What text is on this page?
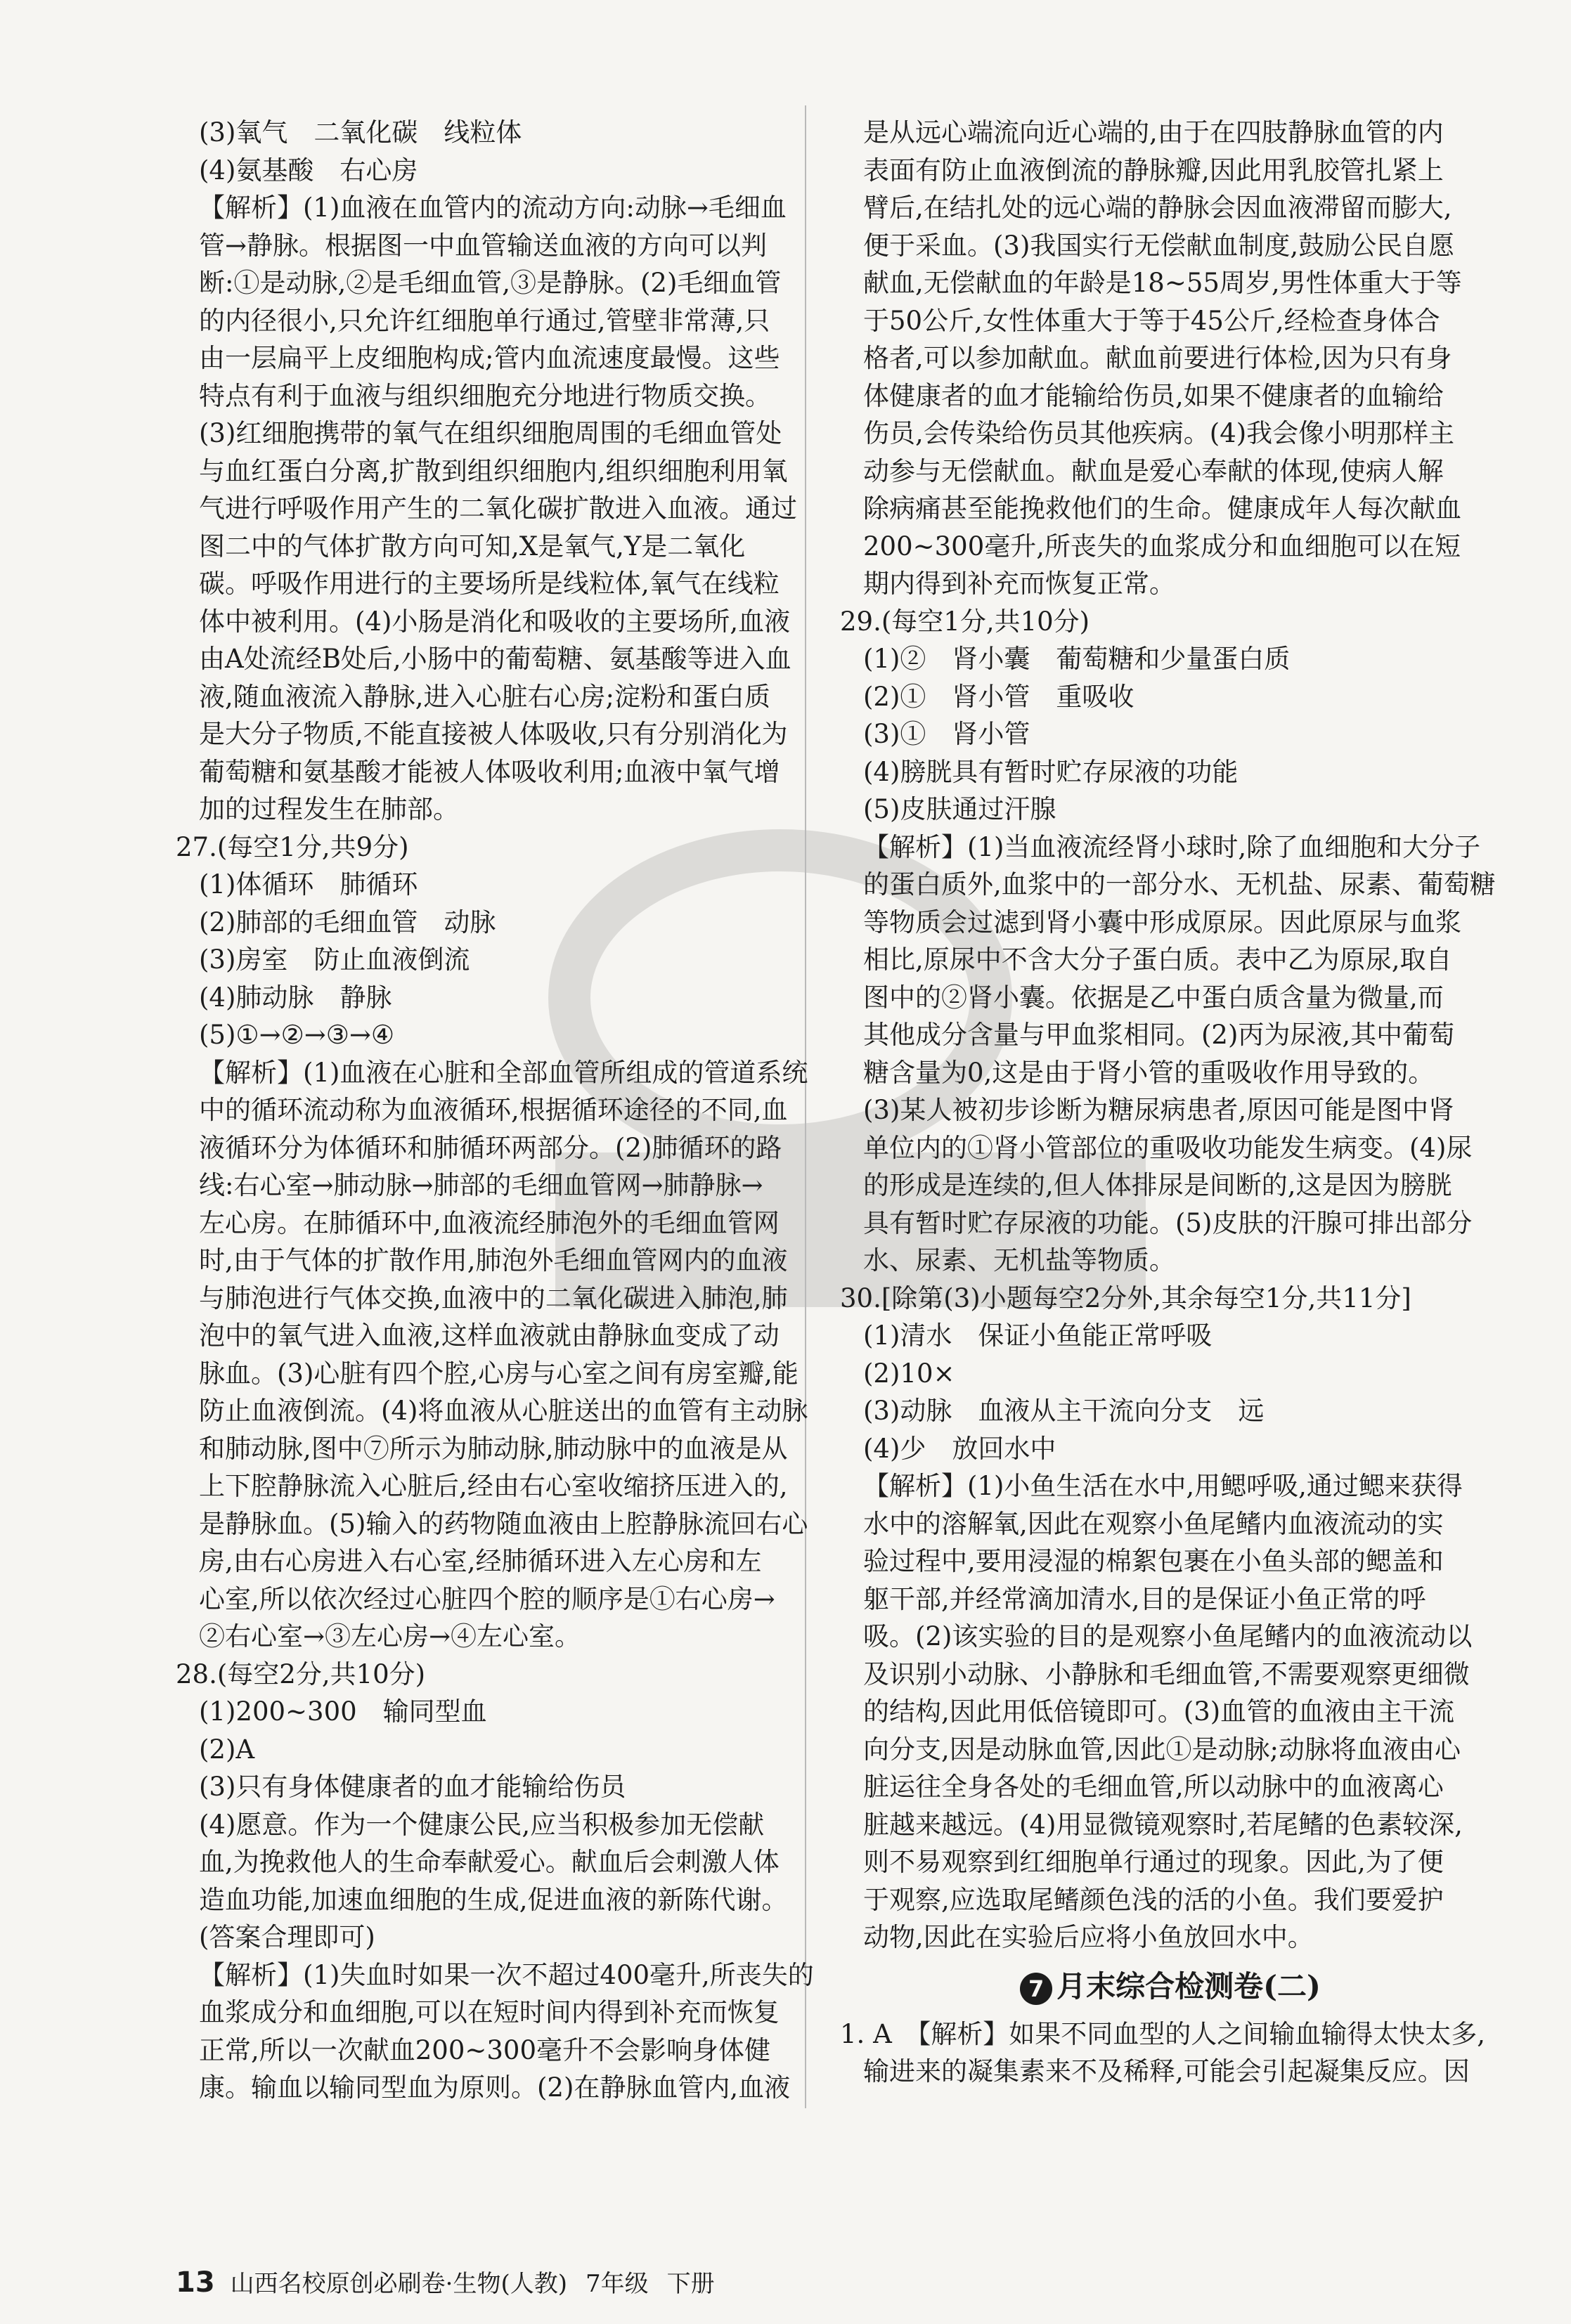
(3)氧气　二氧化碳　线粒体
(4)氨基酸　右心房
【解析】(1)血液在血管内的流动方向:动脉→毛细血
管→静脉。根据图一中血管输送血液的方向可以判
断:①是动脉,②是毛细血管,③是静脉。(2)毛细血管
的内径很小,只允许红细胞单行通过,管壁非常薄,只
由一层扁平上皮细胞构成;管内血流速度最慢。这些
特点有利于血液与组织细胞充分地进行物质交换。
(3)红细胞携带的氧气在组织细胞周围的毛细血管处
与血红蛋白分离,扩散到组织细胞内,组织细胞利用氧
气进行呼吸作用产生的二氧化碳扩散进入血液。通过
图二中的气体扩散方向可知,X是氧气,Y是二氧化
碳。呼吸作用进行的主要场所是线粒体,氧气在线粒
体中被利用。(4)小肠是消化和吸收的主要场所,血液
由A处流经B处后,小肠中的葡萄糖、氨基酸等进入血
液,随血液流入静脉,进入心脏右心房;淀粉和蛋白质
是大分子物质,不能直接被人体吸收,只有分别消化为
葡萄糖和氨基酸才能被人体吸收利用;血液中氧气增
加的过程发生在肺部。
27.(每空1分,共9分)
(1)体循环　肺循环
(2)肺部的毛细血管　动脉
(3)房室　防止血液倒流
(4)肺动脉　静脉
(5)①→②→③→④
【解析】(1)血液在心脏和全部血管所组成的管道系统
中的循环流动称为血液循环,根据循环途径的不同,血
液循环分为体循环和肺循环两部分。(2)肺循环的路
线:右心室→肺动脉→肺部的毛细血管网→肺静脉→
左心房。在肺循环中,血液流经肺泡外的毛细血管网
时,由于气体的扩散作用,肺泡外毛细血管网内的血液
与肺泡进行气体交换,血液中的二氧化碳进入肺泡,肺
泡中的氧气进入血液,这样血液就由静脉血变成了动
脉血。(3)心脏有四个腔,心房与心室之间有房室瓣,能
防止血液倒流。(4)将血液从心脏送出的血管有主动脉
和肺动脉,图中⑦所示为肺动脉,肺动脉中的血液是从
上下腔静脉流入心脏后,经由右心室收缩挤压进入的,
是静脉血。(5)输入的药物随血液由上腔静脉流回右心
房,由右心房进入右心室,经肺循环进入左心房和左
心室,所以依次经过心脏四个腔的顺序是①右心房→
②右心室→③左心房→④左心室。
28.(每空2分,共10分)
(1)200~300　输同型血
(2)A
(3)只有身体健康者的血才能输给伤员
(4)愿意。作为一个健康公民,应当积极参加无偿献
血,为挽救他人的生命奉献爱心。献血后会刺激人体
造血功能,加速血细胞的生成,促进血液的新陈代谢。
(答案合理即可)
【解析】(1)失血时如果一次不超过400毫升,所丧失的
血浆成分和血细胞,可以在短时间内得到补充而恢复
正常,所以一次献血200~300毫升不会影响身体健
康。输血以输同型血为原则。(2)在静脉血管内,血液
是从远心端流向近心端的,由于在四肢静脉血管的内
表面有防止血液倒流的静脉瓣,因此用乳胶管扎紧上
臂后,在结扎处的远心端的静脉会因血液滞留而膨大,
便于采血。(3)我国实行无偿献血制度,鼓励公民自愿
献血,无偿献血的年龄是18~55周岁,男性体重大于等
于50公斤,女性体重大于等于45公斤,经检查身体合
格者,可以参加献血。献血前要进行体检,因为只有身
体健康者的血才能输给伤员,如果不健康者的血输给
伤员,会传染给伤员其他疾病。(4)我会像小明那样主
动参与无偿献血。献血是爱心奉献的体现,使病人解
除病痛甚至能挽救他们的生命。健康成年人每次献血
200~300毫升,所丧失的血浆成分和血细胞可以在短
期内得到补充而恢复正常。
29.(每空1分,共10分)
(1)②　肾小囊　葡萄糖和少量蛋白质
(2)①　肾小管　重吸收
(3)①　肾小管
(4)膀胱具有暂时贮存尿液的功能
(5)皮肤通过汗腺
【解析】(1)当血液流经肾小球时,除了血细胞和大分子
的蛋白质外,血浆中的一部分水、无机盐、尿素、葡萄糖
等物质会过滤到肾小囊中形成原尿。因此原尿与血浆
相比,原尿中不含大分子蛋白质。表中乙为原尿,取自
图中的②肾小囊。依据是乙中蛋白质含量为微量,而
其他成分含量与甲血浆相同。(2)丙为尿液,其中葡萄
糖含量为0,这是由于肾小管的重吸收作用导致的。
(3)某人被初步诊断为糖尿病患者,原因可能是图中肾
单位内的①肾小管部位的重吸收功能发生病变。(4)尿
的形成是连续的,但人体排尿是间断的,这是因为膀胱
具有暂时贮存尿液的功能。(5)皮肤的汗腺可排出部分
水、尿素、无机盐等物质。
30.[除第(3)小题每空2分外,其余每空1分,共11分]
(1)清水　保证小鱼能正常呼吸
(2)10×
(3)动脉　血液从主干流向分支　远
(4)少　放回水中
【解析】(1)小鱼生活在水中,用鳃呼吸,通过鳃来获得
水中的溶解氧,因此在观察小鱼尾鳍内血液流动的实
验过程中,要用浸湿的棉絮包裹在小鱼头部的鳃盖和
躯干部,并经常滴加清水,目的是保证小鱼正常的呼
吸。(2)该实验的目的是观察小鱼尾鳍内的血液流动以
及识别小动脉、小静脉和毛细血管,不需要观察更细微
的结构,因此用低倍镜即可。(3)血管的血液由主干流
向分支,因是动脉血管,因此①是动脉;动脉将血液由心
脏运往全身各处的毛细血管,所以动脉中的血液离心
脏越来越远。(4)用显微镜观察时,若尾鳍的色素较深,
则不易观察到红细胞单行通过的现象。因此,为了便
于观察,应选取尾鳍颜色浅的活的小鱼。我们要爱护
动物,因此在实验后应将小鱼放回水中。
7 月末综合检测卷(二)
1. A　【解析】如果不同血型的人之间输血输得太快太多,
输进来的凝集素来不及稀释,可能会引起凝集反应。因
13 山西名校原创必刷卷·生物(人教) 7年级 下册
